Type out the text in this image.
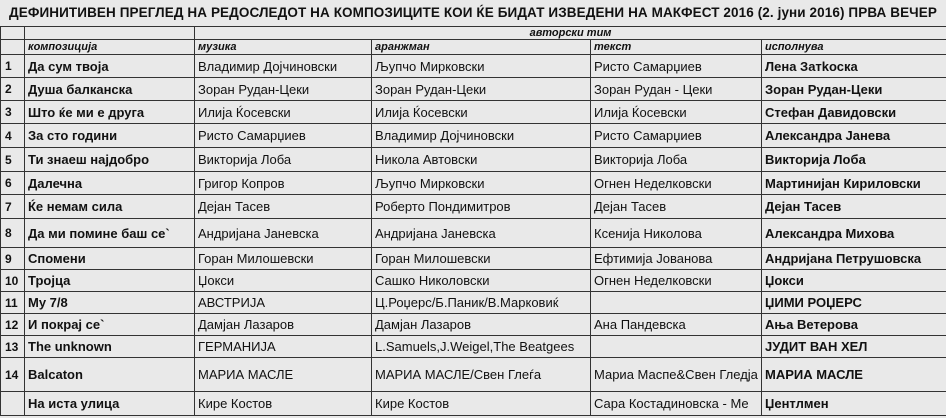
ДЕФИНИТИВЕН ПРЕГЛЕД НА РЕДОСЛЕДОТ НА КОМПОЗИЦИТЕ КОИ ЌЕ БИДАТ ИЗВЕДЕНИ НА МАКФЕСТ 2016 (2. јуни 2016) ПРВА ВЕЧЕР
		авторски тим			
	композиција	музика	аранжман	текст	исполнува
1	Да сум твоја	Владимир Дојчиновски	Љупчо Мирковски	Ристо Самарџиев	Лена Затkоска
2	Душа балканска	Зоран Рудан-Цеки	Зоран Рудан-Цеки	Зоран Рудан - Цеки	Зоран Рудан-Цеки
3	Што ќе ми е друга	Илија Ќосевски	Илија Ќосевски	Илија Ќосевски	Стефан Давидовски
4	За сто години	Ристо Самарџиев	Владимир Дојчиновски	Ристо Самарџиев	Александра Јанева
5	Ти знаеш најдобро	Викторија Лоба	Никола Автовски	Викторија Лоба	Викторија Лоба
6	Далечна	Григор Копров	Љупчо Мирковски	Огнен Неделковски	Мартинијан Кириловски
7	Ќе немам сила	Дејан Тасев	Роберто Пондимитров	Дејан Тасев	Дејан Тасев
8	Да ми помине баш се`	Андријана Јаневска	Андријана Јаневска	Ксенија Николова	Александра Михова
9	Спомени	Горан Милошевски	Горан Милошевски	Ефтимија Јованова	Андријана Петрушовска
10	Тројца	Џокси	Сашко Николовски	Огнен Неделковски	Џокси
11	Му 7/8	АВСТРИЈА	Ц.Роџерс/Б.Паник/В.Марковиќ		ЏИМИ РОЏЕРС
12	И покрај се`	Дамјан Лазаров	Дамјан Лазаров	Ана Пандевска	Ања Ветерова
13	The unknown	ГЕРМАНИЈА	L.Samuels,J.Weigel,The Beatgees		ЈУДИТ ВАН ХЕЛ
14	Balcaton	МАРИА МАСЛЕ	МАРИА МАСЛЕ/Свен Глеѓа	Мариа Маспе&Свен Гледја	МАРИА МАСЛЕ
	На иста улица	Кире Костов	Кире Костов	Сара Костадиновска - Ме	Џентлмен
